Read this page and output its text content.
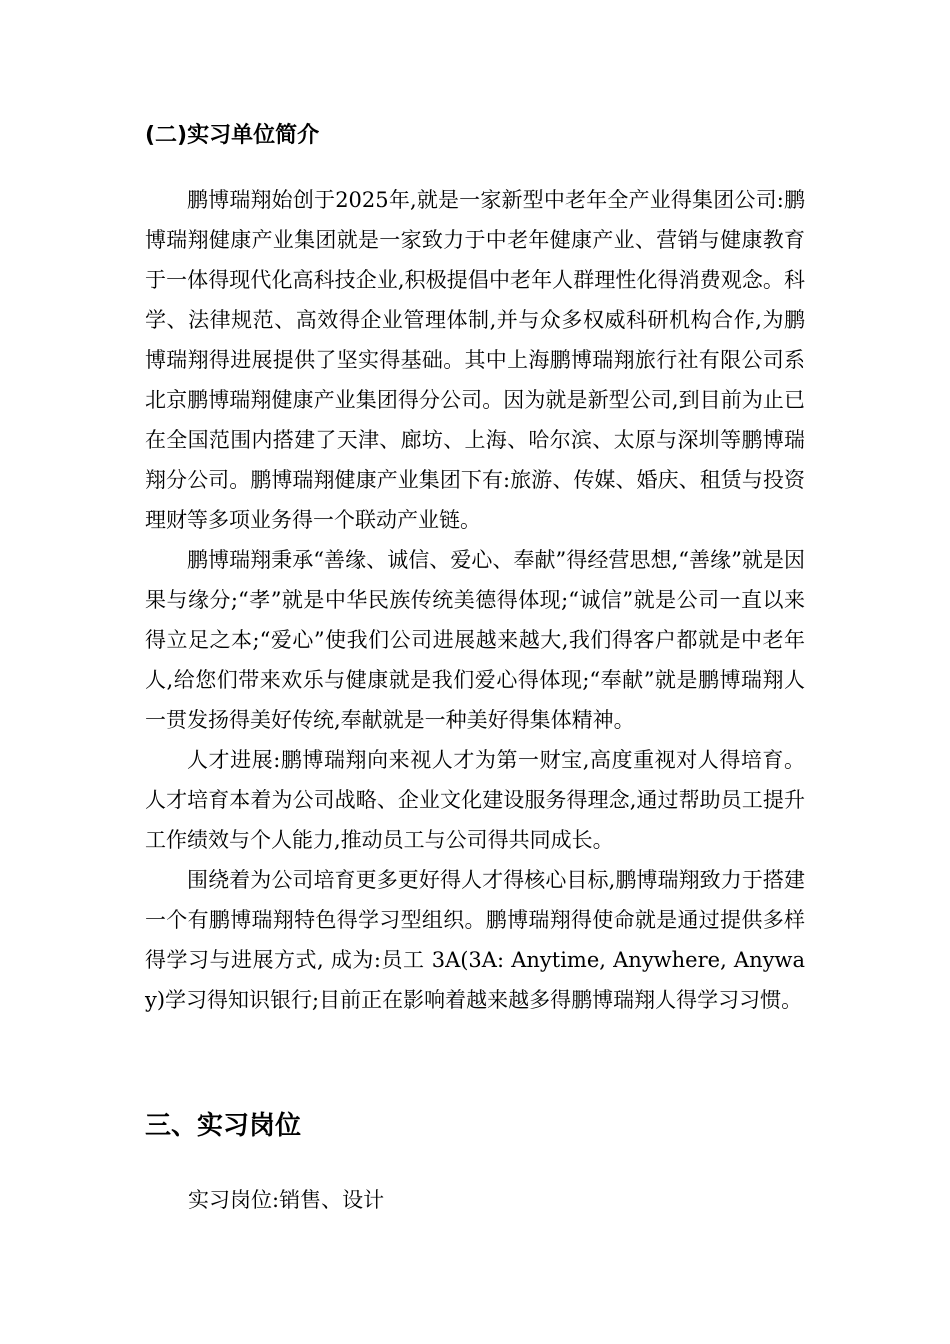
(二)实习单位简介

鹏博瑞翔始创于2025年,就是一家新型中老年全产业得集团公司:鹏博瑞翔健康产业集团就是一家致力于中老年健康产业、营销与健康教育于一体得现代化高科技企业,积极提倡中老年人群理性化得消费观念。科学、法律规范、高效得企业管理体制,并与众多权威科研机构合作,为鹏博瑞翔得进展提供了坚实得基础。其中上海鹏博瑞翔旅行社有限公司系北京鹏博瑞翔健康产业集团得分公司。因为就是新型公司,到目前为止已在全国范围内搭建了天津、廊坊、上海、哈尔滨、太原与深圳等鹏博瑞翔分公司。鹏博瑞翔健康产业集团下有:旅游、传媒、婚庆、租赁与投资理财等多项业务得一个联动产业链。

鹏博瑞翔秉承“善缘、诚信、爱心、奉献”得经营思想,“善缘”就是因果与缘分;“孝”就是中华民族传统美德得体现;“诚信”就是公司一直以来得立足之本;“爱心”使我们公司进展越来越大,我们得客户都就是中老年人,给您们带来欢乐与健康就是我们爱心得体现;“奉献”就是鹏博瑞翔人一贯发扬得美好传统,奉献就是一种美好得集体精神。

人才进展:鹏博瑞翔向来视人才为第一财宝,高度重视对人得培育。人才培育本着为公司战略、企业文化建设服务得理念,通过帮助员工提升工作绩效与个人能力,推动员工与公司得共同成长。

围绕着为公司培育更多更好得人才得核心目标,鹏博瑞翔致力于搭建一个有鹏博瑞翔特色得学习型组织。鹏博瑞翔得使命就是通过提供多样得学习与进展方式, 成为:员工 3A(3A: Anytime, Anywhere, Anyway)学习得知识银行;目前正在影响着越来越多得鹏博瑞翔人得学习习惯。

三、实习岗位

实习岗位:销售、设计
